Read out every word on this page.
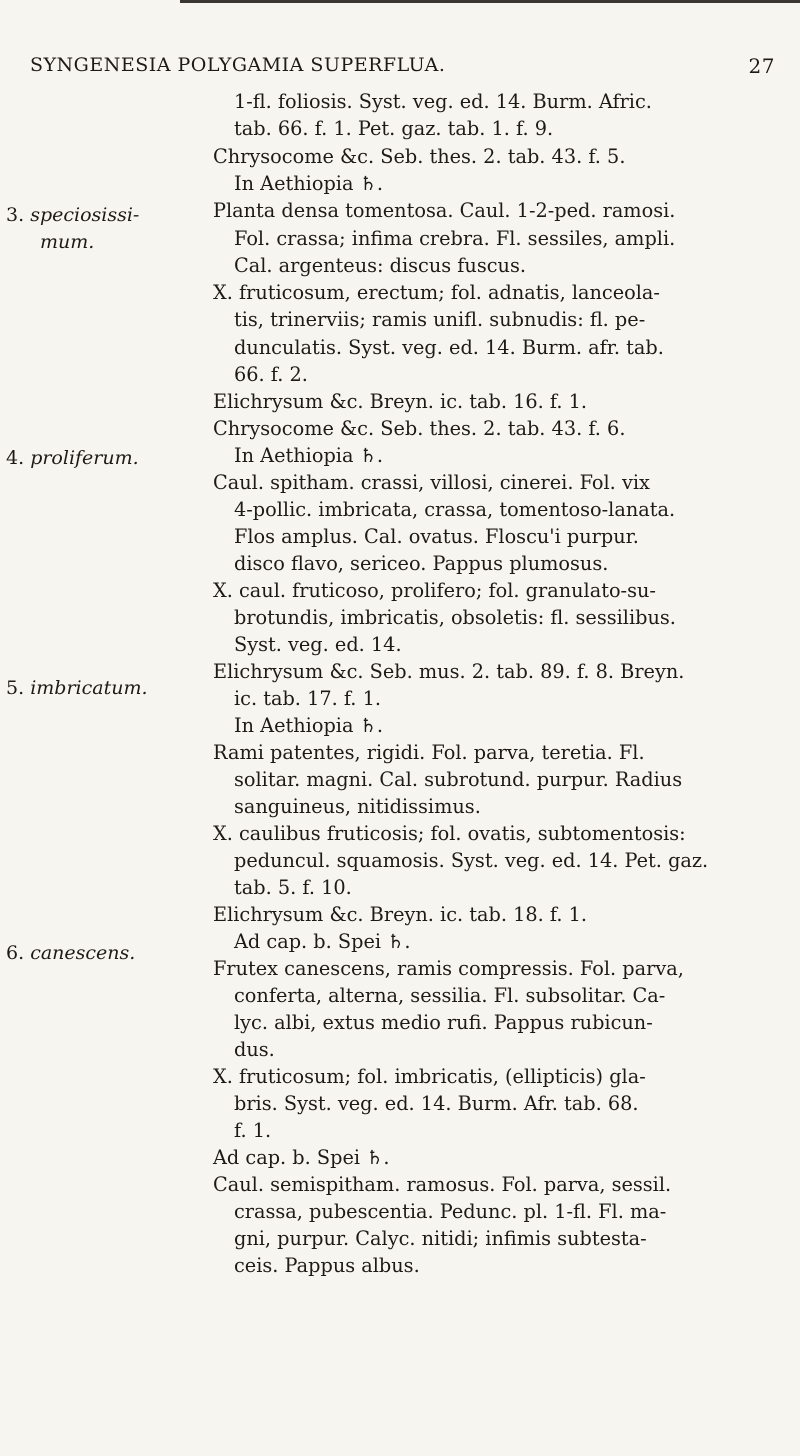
SYNGENESIA POLYGAMIA SUPERFLUA.	27
3. speciosissi-
mum.
4. proliferum.
5. imbricatum.
6. canescens.
1-fl. foliosis. Syst. veg. ed. 14. Burm. Afric.
tab. 66. f. 1. Pet. gaz. tab. 1. f. 9.
Chrysocome &c. Seb. thes. 2. tab. 43. f. 5.
In Aethiopia ♄.
Planta densa tomentosa. Caul. 1-2-ped. ramosi.
Fol. crassa; infima crebra. Fl. sessiles, ampli.
Cal. argenteus: discus fuscus.
X. fruticosum, erectum; fol. adnatis, lanceola-
tis, trinerviis; ramis unifl. subnudis: fl. pe-
dunculatis. Syst. veg. ed. 14. Burm. afr. tab.
66. f. 2.
Elichrysum &c. Breyn. ic. tab. 16. f. 1.
Chrysocome &c. Seb. thes. 2. tab. 43. f. 6.
In Aethiopia ♄.
Caul. spitham. crassi, villosi, cinerei. Fol. vix
4-pollic. imbricata, crassa, tomentoso-lanata.
Flos amplus. Cal. ovatus. Floscu'i purpur.
disco flavo, sericeo. Pappus plumosus.
X. caul. fruticoso, prolifero; fol. granulato-su-
brotundis, imbricatis, obsoletis: fl. sessilibus.
Syst. veg. ed. 14.
Elichrysum &c. Seb. mus. 2. tab. 89. f. 8. Breyn.
ic. tab. 17. f. 1.
In Aethiopia ♄.
Rami patentes, rigidi. Fol. parva, teretia. Fl.
solitar. magni. Cal. subrotund. purpur. Radius
sanguineus, nitidissimus.
X. caulibus fruticosis; fol. ovatis, subtomentosis:
peduncul. squamosis. Syst. veg. ed. 14. Pet. gaz.
tab. 5. f. 10.
Elichrysum &c. Breyn. ic. tab. 18. f. 1.
Ad cap. b. Spei ♄.
Frutex canescens, ramis compressis. Fol. parva,
conferta, alterna, sessilia. Fl. subsolitar. Ca-
lyc. albi, extus medio rufi. Pappus rubicun-
dus.
X. fruticosum; fol. imbricatis, (ellipticis) gla-
bris. Syst. veg. ed. 14. Burm. Afr. tab. 68.
f. 1.
Ad cap. b. Spei ♄.
Caul. semispitham. ramosus. Fol. parva, sessil.
crassa, pubescentia. Pedunc. pl. 1-fl. Fl. ma-
gni, purpur. Calyc. nitidi; infimis subtesta-
ceis. Pappus albus.
